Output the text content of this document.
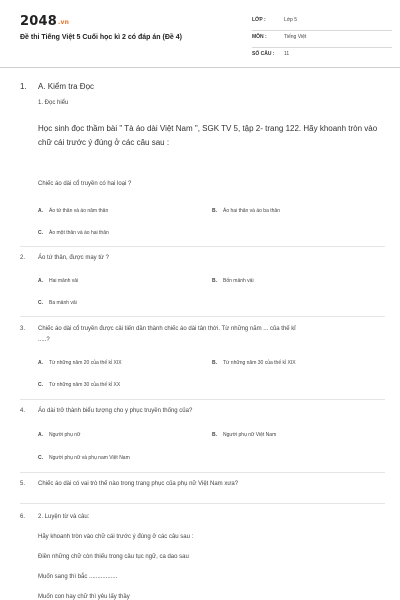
2048.vn
Đề thi Tiếng Việt 5 Cuối học kì 2 có đáp án (Đề 4)
LỚP :	Lớp 5
MÔN :	Tiếng Việt
SỐ CÂU : 11
1. A. Kiểm tra Đọc
1. Đọc hiểu
Học sinh đọc thầm bài " Tà áo dài Việt Nam ", SGK TV 5, tập 2- trang 122. Hãy khoanh tròn vào chữ cái trước ý đúng ở các câu sau :
Chiếc áo dài cổ truyền có hai loại ?
A. Áo tứ thân và áo năm thân	B. Áo hai thân và áo ba thân
C. Áo một thân và áo hai thân
2. Áo tứ thân, được may từ ?
A. Hai mảnh vải	B. Bốn mảnh vải
C. Ba mảnh vải
3. Chiếc áo dài cổ truyền được cải tiến dần thành chiếc áo dài tân thời. Từ những năm ... của thế kỉ
.....?
A. Từ những năm 20 của thế kỉ XIX	B. Từ những năm 30 của thế kỉ XIX
C. Từ những năm 30 của thế kỉ XX
4. Áo dài trở thành biểu tượng cho y phục truyền thống của?
A. Người phụ nữ	B. Người phụ nữ Việt Nam
C. Người phụ nữ và phụ nam Việt Nam
5. Chiếc áo dài có vai trò thế nào trong trang phục của phụ nữ Việt Nam xưa?
6. 2. Luyện từ và câu:
Hãy khoanh tròn vào chữ cái trước ý đúng ở các câu sau :
Điền những chữ còn thiếu trong câu tục ngữ, ca dao sau
Muốn sang thì bắc .................
Muốn con hay chữ thì yêu lấy thầy
